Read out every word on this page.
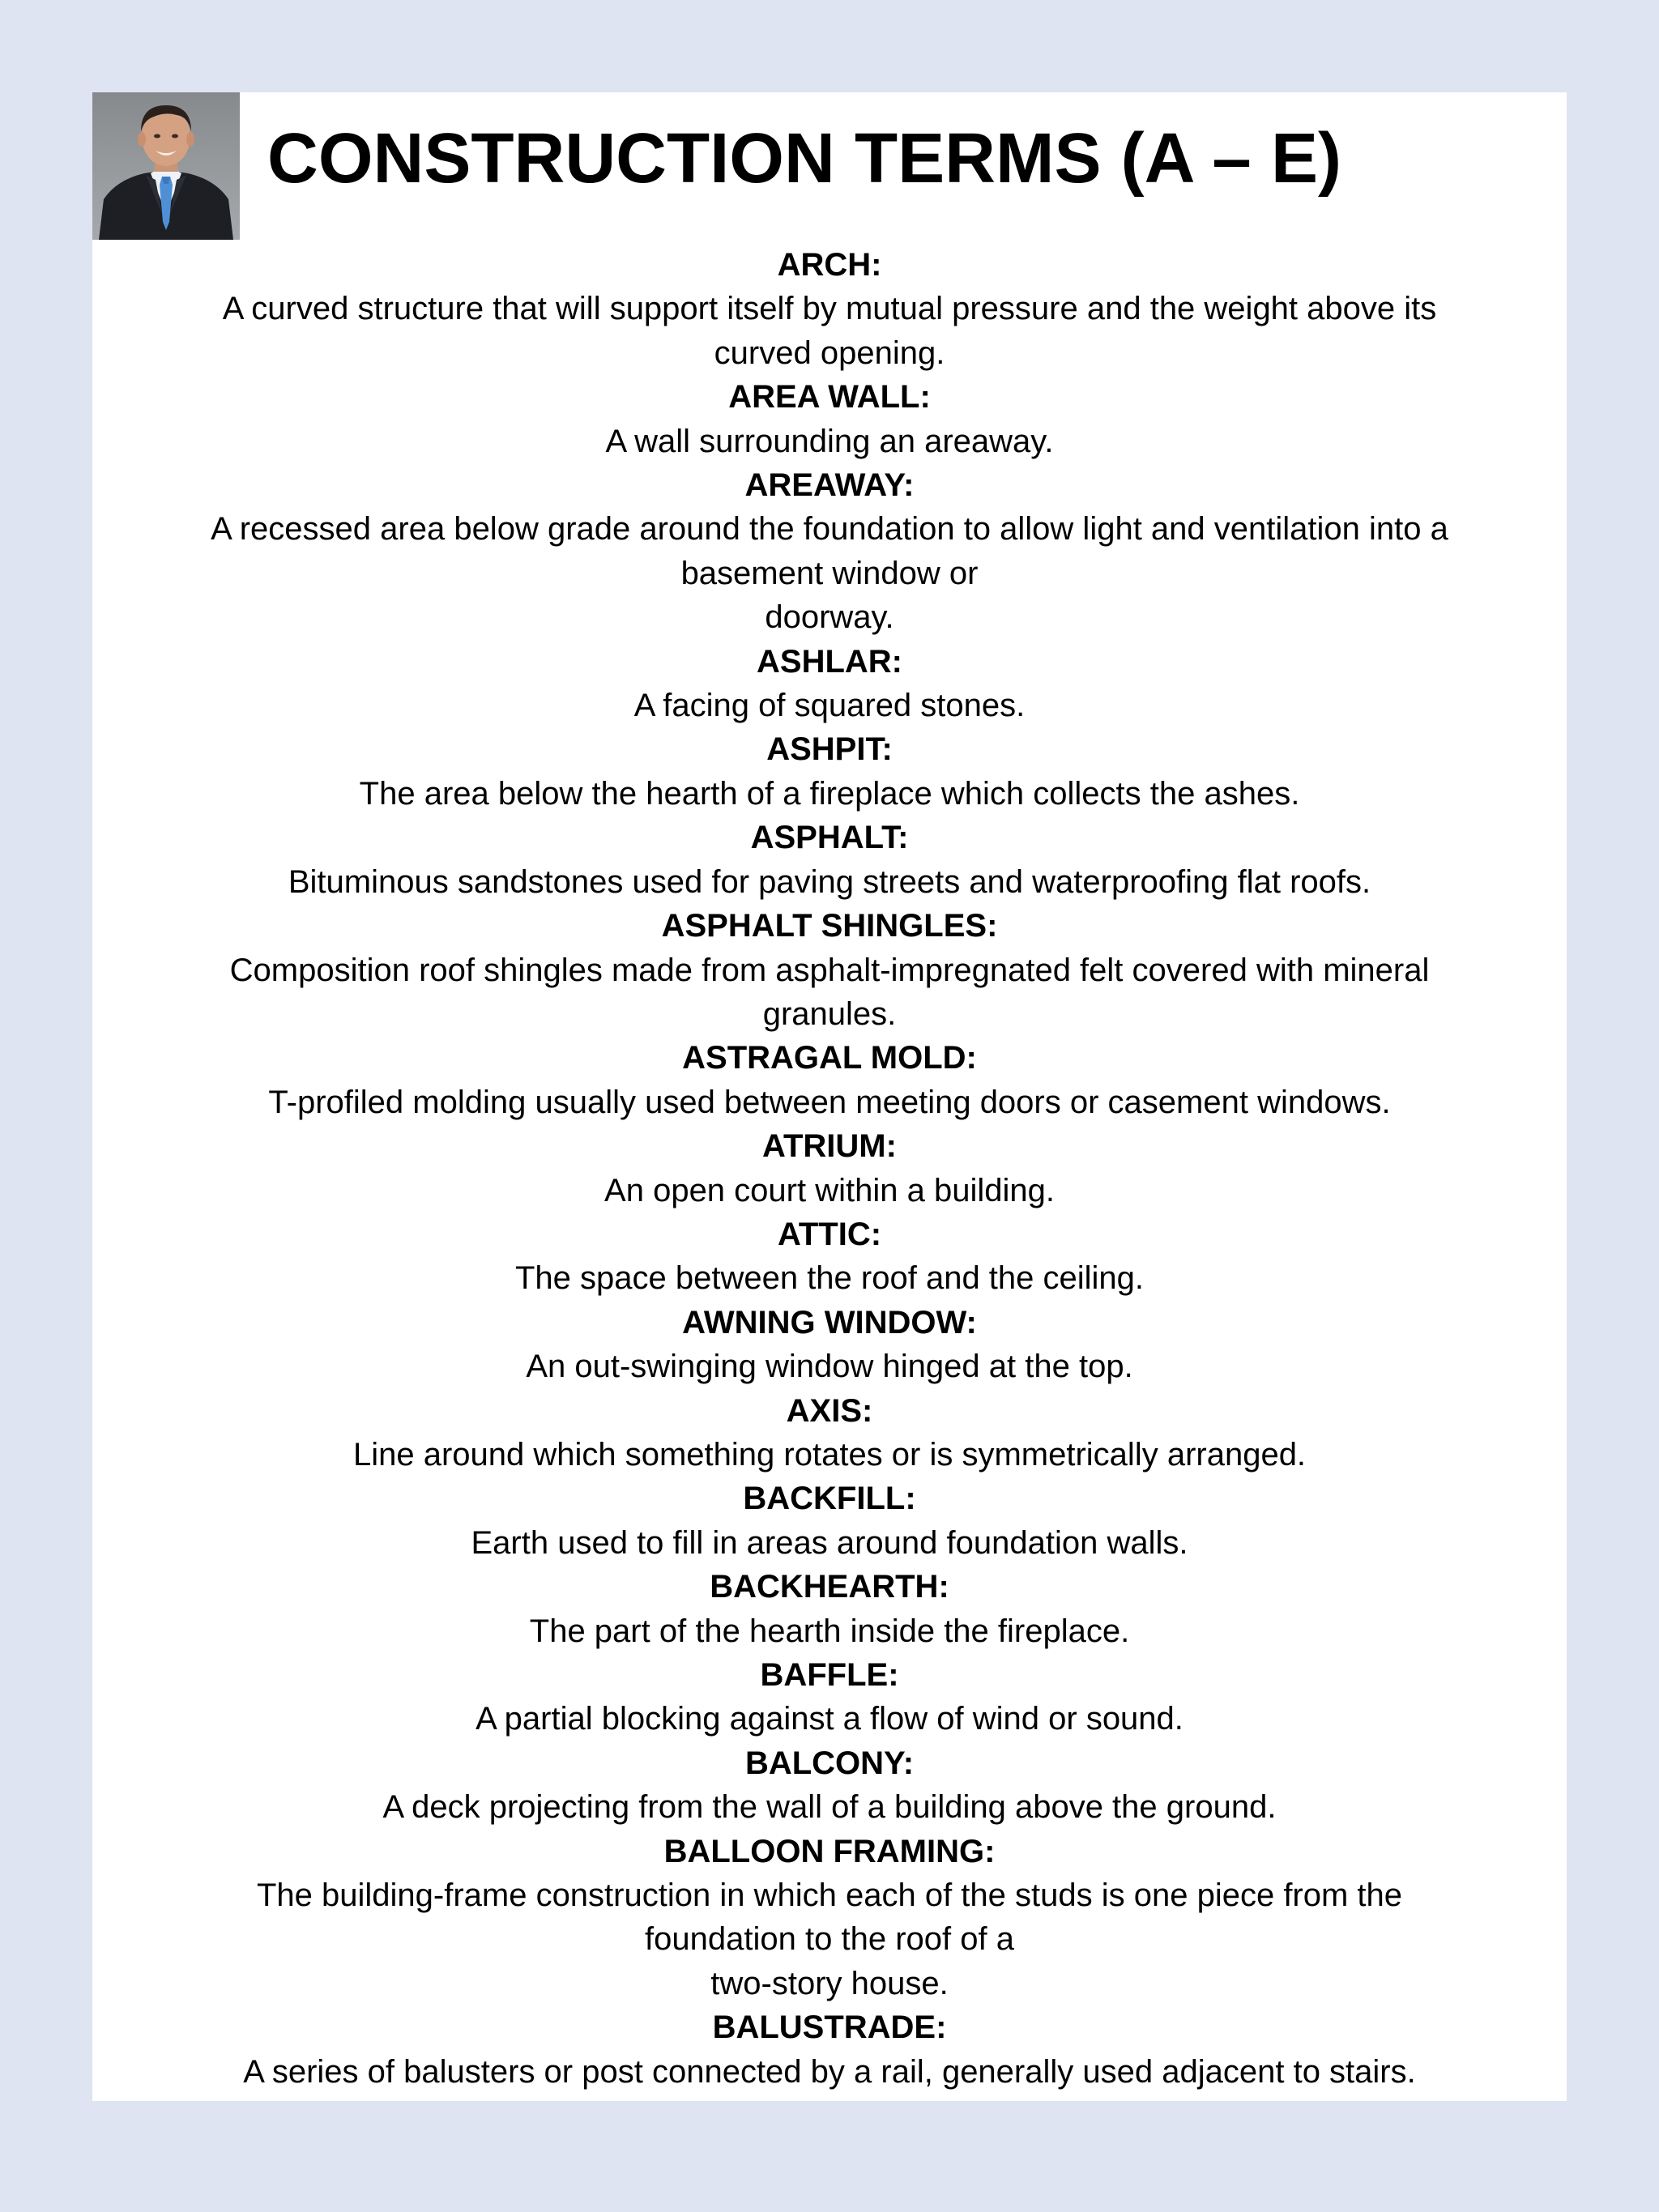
CONSTRUCTION TERMS (A – E)

ARCH:

A curved structure that will support itself by mutual pressure and the weight above its

curved opening.

AREA WALL:

A wall surrounding an areaway.

AREAWAY:

A recessed area below grade around the foundation to allow light and ventilation into a

basement window or

doorway.

ASHLAR:

A facing of squared stones.

ASHPIT:

The area below the hearth of a fireplace which collects the ashes.

ASPHALT:

Bituminous sandstones used for paving streets and waterproofing flat roofs.

ASPHALT SHINGLES:

Composition roof shingles made from asphalt-impregnated felt covered with mineral

granules.

ASTRAGAL MOLD:

T-profiled molding usually used between meeting doors or casement windows.

ATRIUM:

An open court within a building.

ATTIC:

The space between the roof and the ceiling.

AWNING WINDOW:

An out-swinging window hinged at the top.

AXIS:

Line around which something rotates or is symmetrically arranged.

BACKFILL:

Earth used to fill in areas around foundation walls.

BACKHEARTH:

The part of the hearth inside the fireplace.

BAFFLE:

A partial blocking against a flow of wind or sound.

BALCONY:

A deck projecting from the wall of a building above the ground.

BALLOON FRAMING:

The building-frame construction in which each of the studs is one piece from the

foundation to the roof of a

two-story house.

BALUSTRADE:

A series of balusters or post connected by a rail, generally used adjacent to stairs.
